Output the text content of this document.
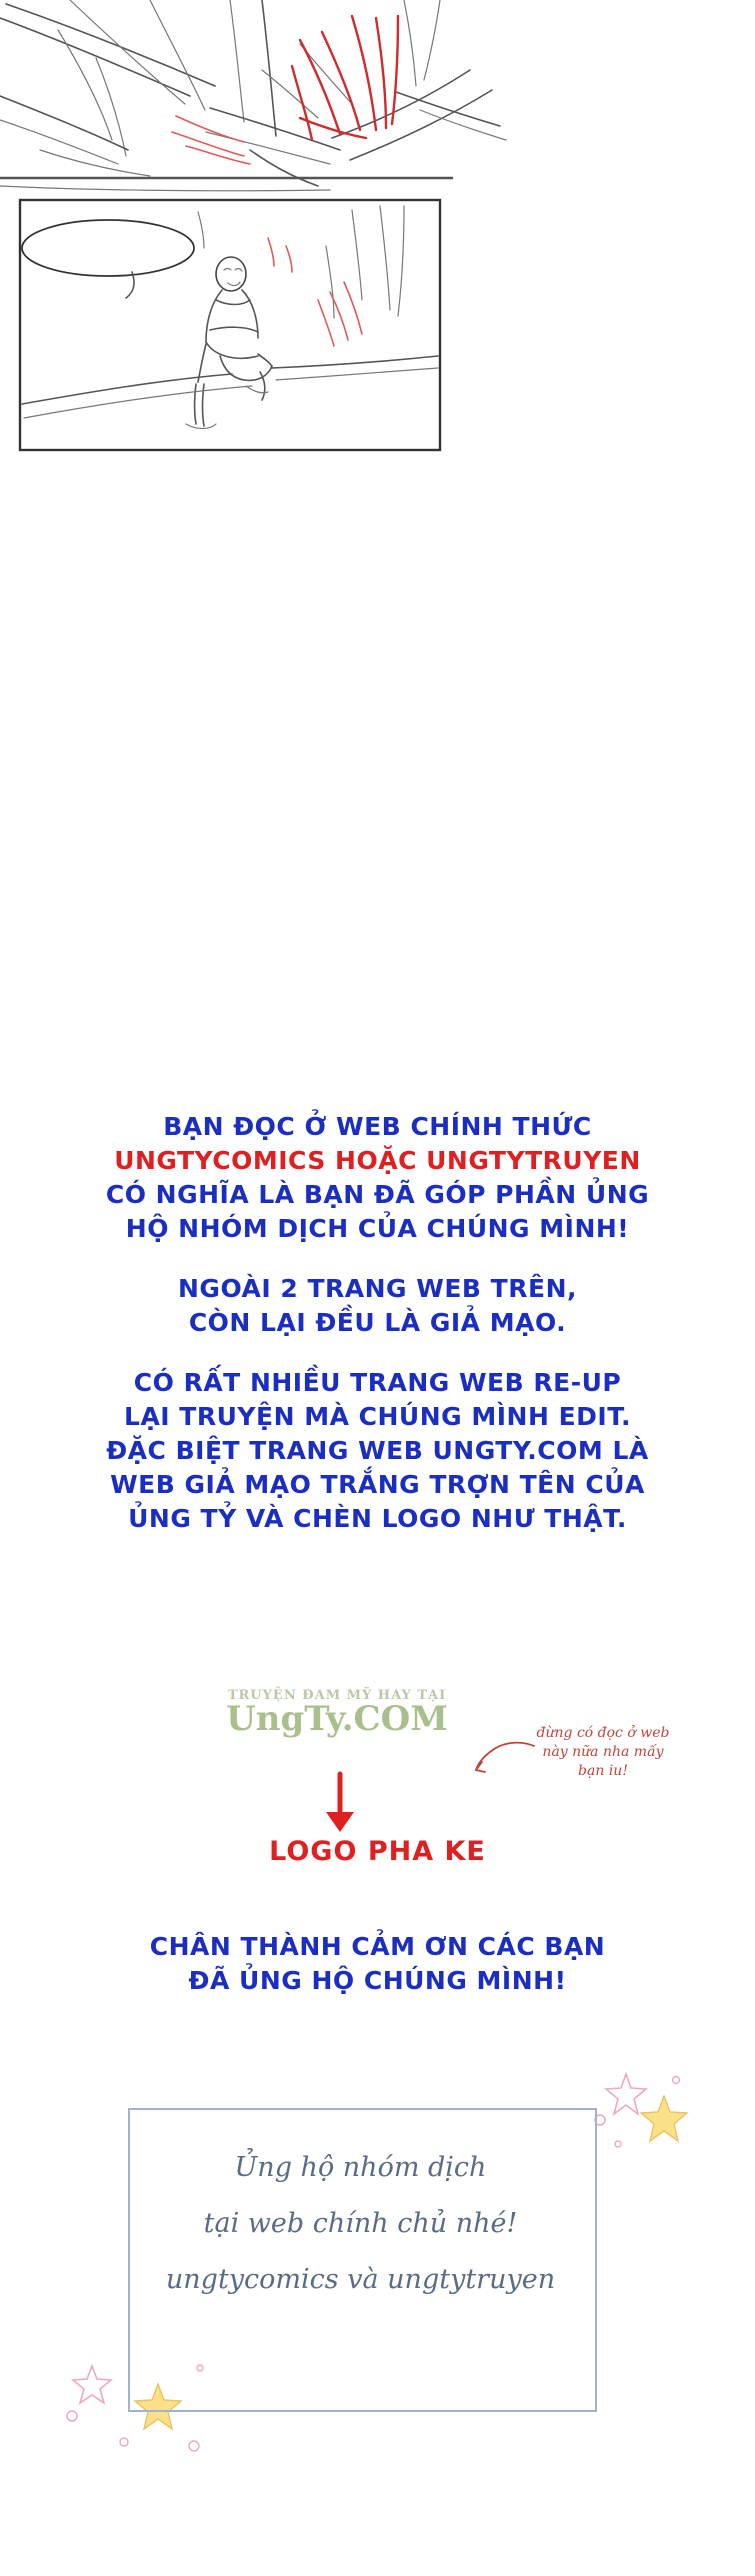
BẠN ĐỌC Ở WEB CHÍNH THỨC
UNGTYCOMICS HOẶC UNGTYTRUYEN
CÓ NGHĨA LÀ BẠN ĐÃ GÓP PHẦN ỦNG
HỘ NHÓM DỊCH CỦA CHÚNG MÌNH!
NGOÀI 2 TRANG WEB TRÊN,
CÒN LẠI ĐỀU LÀ GIẢ MẠO.
CÓ RẤT NHIỀU TRANG WEB RE-UP
LẠI TRUYỆN MÀ CHÚNG MÌNH EDIT.
ĐẶC BIỆT TRANG WEB UNGTY.COM LÀ
WEB GIẢ MẠO TRẮNG TRỢN TÊN CỦA
ỦNG TỶ VÀ CHÈN LOGO NHƯ THẬT.
TRUYỆN ĐAM MỸ HAY TẠI
UngTy.COM	đừng có đọc ở web này nữa nha mấy bạn iu!
LOGO PHA KE
CHÂN THÀNH CẢM ƠN CÁC BẠN
ĐÃ ỦNG HỘ CHÚNG MÌNH!
Ủng hộ nhóm dịch
tại web chính chủ nhé!
ungtycomics và ungtytruyen
